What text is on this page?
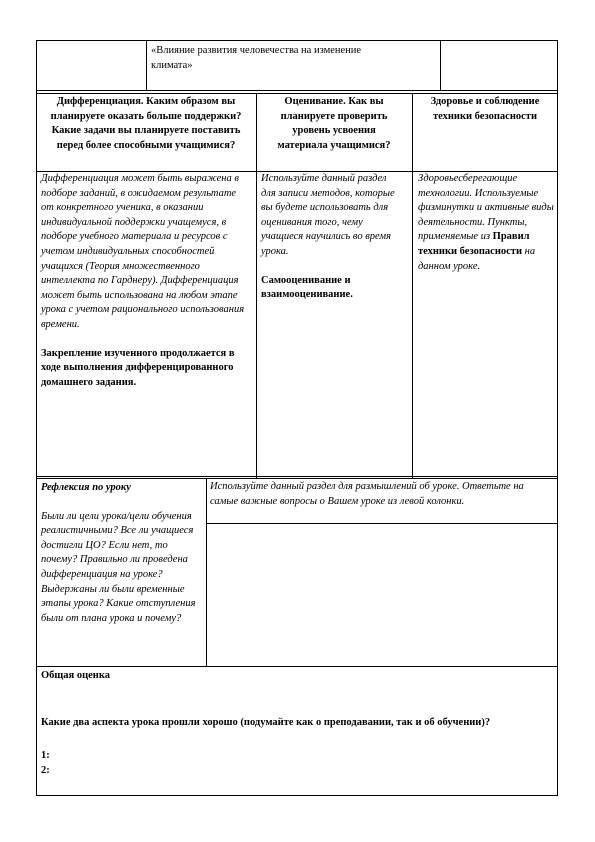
«Влияние развития человечества на изменение климата»
Дифференциация. Каким образом вы планируете оказать больше поддержки? Какие задачи вы планируете поставить перед более способными учащимися?
Оценивание. Как вы планируете проверить уровень усвоения материала учащимися?
Здоровье и соблюдение техники безопасности
Дифференциация может быть выражена в подборе заданий, в ожидаемом результате от конкретного ученика, в оказании индивидуальной поддержки учащемуся, в подборе учебного материала и ресурсов с учетом индивидуальных способностей учащихся (Теория множественного интеллекта по Гарднеру). Дифференциация может быть использована на любом этапе урока с учетом рационального использования времени.
Закрепление изученного продолжается в ходе выполнения дифференцированного домашнего задания.
Используйте данный раздел для записи методов, которые вы будете использовать для оценивания того, чему учащиеся научились во время урока.
Самооценивание и взаимооценивание.
Здоровьесберегающие технологии. Используемые физминутки и активные виды деятельности. Пункты, применяемые из Правил техники безопасности на данном уроке.
Рефлексия по уроку
Были ли цели урока/цели обучения реалистичными? Все ли учащиеся достигли ЦО? Если нет, то почему? Правильно ли проведена дифференциация на уроке? Выдержаны ли были временные этапы урока? Какие отступления были от плана урока и почему?
Используйте данный раздел для размышлений об уроке. Ответьте на самые важные вопросы о Вашем уроке из левой колонки.
Общая оценка
Какие два аспекта урока прошли хорошо (подумайте как о преподавании, так и об обучении)?
1:
2:
